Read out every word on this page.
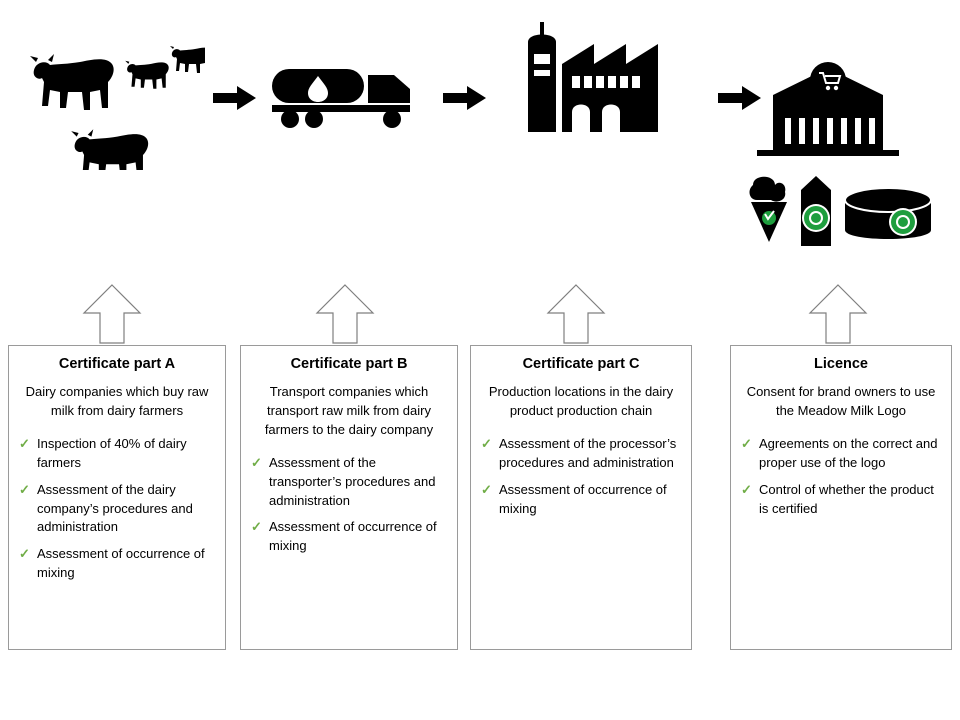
Certificate part A
Dairy companies which buy raw milk from dairy farmers
✓ Inspection of 40% of dairy farmers
✓ Assessment of the dairy company’s procedures and administration
✓ Assessment of occurrence of mixing
Certificate part B
Transport companies which transport raw milk from dairy farmers to the dairy company
✓ Assessment of the transporter’s procedures and administration
✓ Assessment of occurrence of mixing
Certificate part C
Production locations in the dairy product production chain
✓ Assessment of the processor’s procedures and administration
✓ Assessment of occurrence of mixing
Licence
Consent for brand owners to use the Meadow Milk Logo
✓ Agreements on the correct and proper use of the logo
✓ Control of whether the product is certified
